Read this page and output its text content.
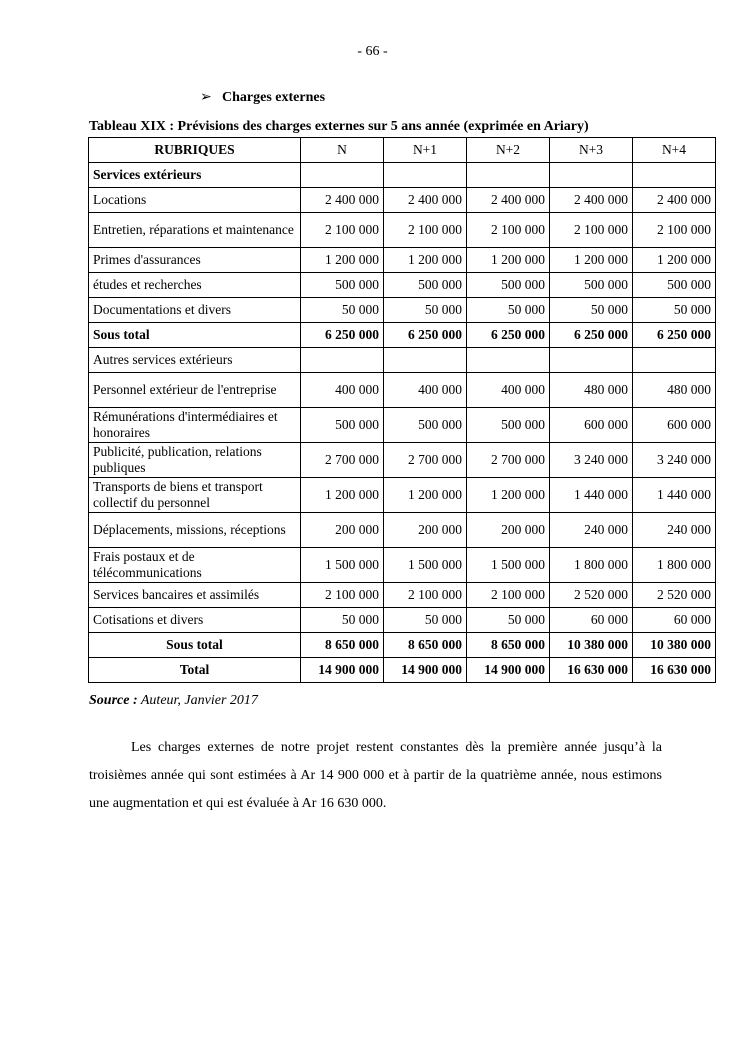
- 66 -
➢ Charges externes
Tableau XIX : Prévisions des charges externes sur 5 ans année (exprimée en Ariary)
RUBRIQUES	N	N+1	N+2	N+3	N+4
Services extérieurs					
Locations	2 400 000	2 400 000	2 400 000	2 400 000	2 400 000
Entretien, réparations et maintenance	2 100 000	2 100 000	2 100 000	2 100 000	2 100 000
Primes d'assurances	1 200 000	1 200 000	1 200 000	1 200 000	1 200 000
études et recherches	500 000	500 000	500 000	500 000	500 000
Documentations et divers	50 000	50 000	50 000	50 000	50 000
Sous total	6 250 000	6 250 000	6 250 000	6 250 000	6 250 000
Autres services extérieurs					
Personnel extérieur de l'entreprise	400 000	400 000	400 000	480 000	480 000
Rémunérations d'intermédiaires et honoraires	500 000	500 000	500 000	600 000	600 000
Publicité, publication, relations publiques	2 700 000	2 700 000	2 700 000	3 240 000	3 240 000
Transports de biens et transport collectif du personnel	1 200 000	1 200 000	1 200 000	1 440 000	1 440 000
Déplacements, missions, réceptions	200 000	200 000	200 000	240 000	240 000
Frais postaux et de télécommunications	1 500 000	1 500 000	1 500 000	1 800 000	1 800 000
Services bancaires et assimilés	2 100 000	2 100 000	2 100 000	2 520 000	2 520 000
Cotisations et divers	50 000	50 000	50 000	60 000	60 000
Sous total	8 650 000	8 650 000	8 650 000	10 380 000	10 380 000
Total	14 900 000	14 900 000	14 900 000	16 630 000	16 630 000
Source : Auteur, Janvier 2017
Les charges externes de notre projet restent constantes dès la première année jusqu’à la troisièmes année qui sont estimées à Ar 14 900 000 et à partir de la quatrième année, nous estimons une augmentation et qui est évaluée à Ar 16 630 000.
